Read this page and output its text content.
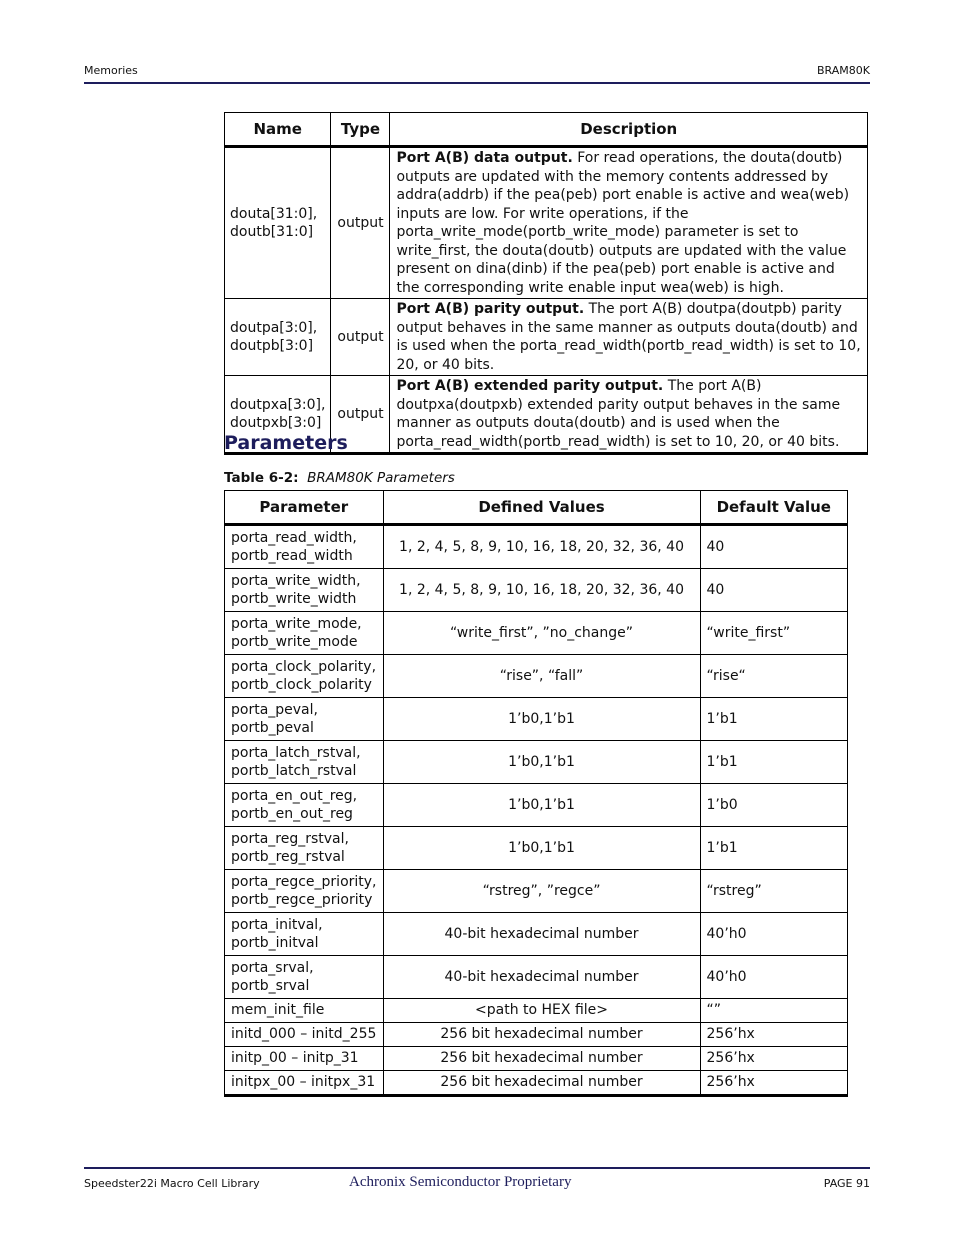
Memories	BRAM80K
Name	Type	Description
douta[31:0],
doutb[31:0]	output	Port A(B) data output. For read operations, the douta(doutb) outputs are updated with the memory contents addressed by addra(addrb) if the pea(peb) port enable is active and wea(web) inputs are low. For write operations, if the porta_write_mode(portb_write_mode) parameter is set to write_first, the douta(doutb) outputs are updated with the value present on dina(dinb) if the pea(peb) port enable is active and the corresponding write enable input wea(web) is high.
doutpa[3:0],
doutpb[3:0]	output	Port A(B) parity output. The port A(B) doutpa(doutpb) parity output behaves in the same manner as outputs douta(doutb) and is used when the porta_read_width(portb_read_width) is set to 10, 20, or 40 bits.
doutpxa[3:0],
doutpxb[3:0]	output	Port A(B) extended parity output. The port A(B) doutpxa(doutpxb) extended parity output behaves in the same manner as outputs douta(doutb) and is used when the porta_read_width(portb_read_width) is set to 10, 20, or 40 bits.
Parameters
Table 6-2: BRAM80K Parameters
Parameter	Defined Values	Default Value
porta_read_width,
portb_read_width	1, 2, 4, 5, 8, 9, 10, 16, 18, 20, 32, 36, 40	40
porta_write_width,
portb_write_width	1, 2, 4, 5, 8, 9, 10, 16, 18, 20, 32, 36, 40	40
porta_write_mode,
portb_write_mode	“write_first”, ”no_change”	“write_first”
porta_clock_polarity,
portb_clock_polarity	“rise”, “fall”	“rise“
porta_peval,
portb_peval	1’b0,1’b1	1’b1
porta_latch_rstval,
portb_latch_rstval	1’b0,1’b1	1’b1
porta_en_out_reg,
portb_en_out_reg	1’b0,1’b1	1’b0
porta_reg_rstval,
portb_reg_rstval	1’b0,1’b1	1’b1
porta_regce_priority,
portb_regce_priority	“rstreg”, ”regce”	“rstreg”
porta_initval,
portb_initval	40-bit hexadecimal number	40’h0
porta_srval,
portb_srval	40-bit hexadecimal number	40’h0
mem_init_file	<path to HEX file>	“”
initd_000 – initd_255	256 bit hexadecimal number	256’hx
initp_00 – initp_31	256 bit hexadecimal number	256’hx
initpx_00 – initpx_31	256 bit hexadecimal number	256’hx
Speedster22i Macro Cell Library	Achronix Semiconductor Proprietary	PAGE 91
